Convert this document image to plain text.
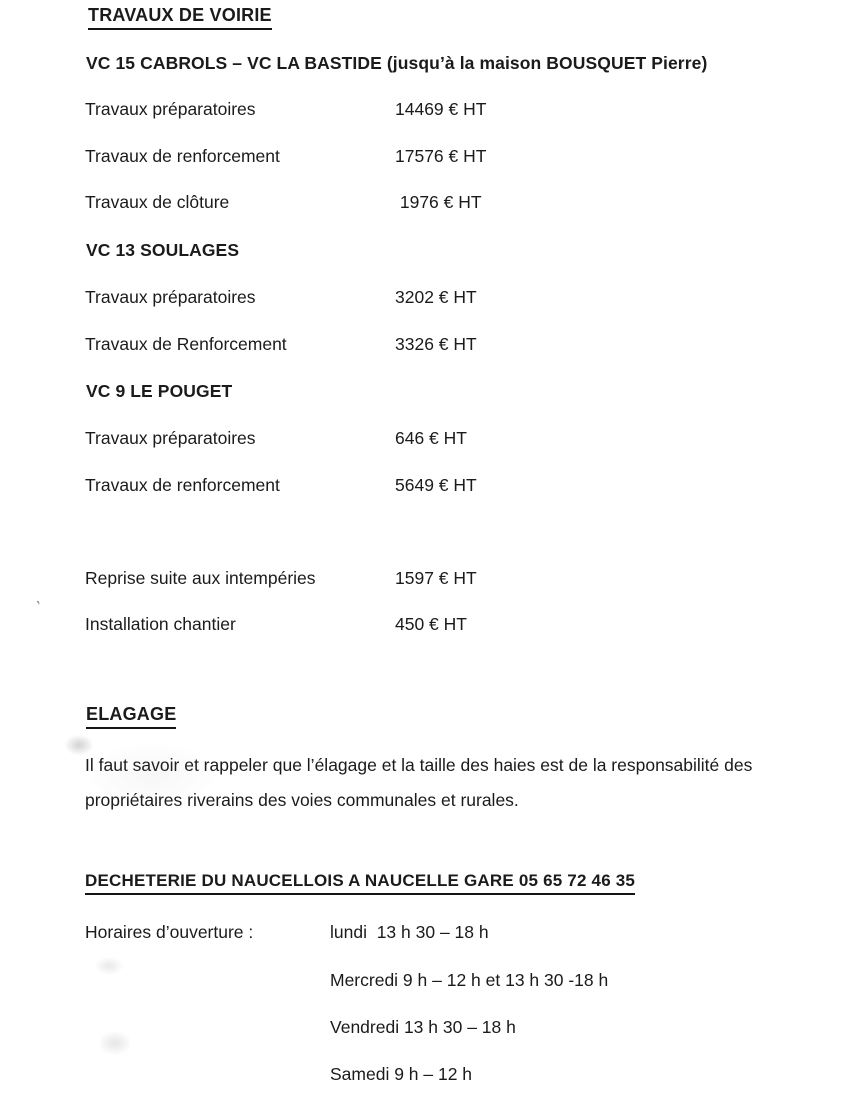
TRAVAUX DE VOIRIE
VC 15 CABROLS – VC LA BASTIDE (jusqu’à la maison BOUSQUET Pierre)
Travaux préparatoires	14469 € HT
Travaux de renforcement	17576 € HT
Travaux de clôture	1976 € HT
VC 13 SOULAGES
Travaux préparatoires	3202 € HT
Travaux de Renforcement	3326 € HT
VC 9 LE POUGET
Travaux préparatoires	646 € HT
Travaux de renforcement	5649 € HT
Reprise suite aux intempéries	1597 € HT
Installation chantier	450 € HT
ELAGAGE
Il faut savoir et rappeler que l’élagage et la taille des haies est de la responsabilité des propriétaires riverains des voies communales et rurales.
DECHETERIE DU NAUCELLOIS A NAUCELLE GARE 05 65 72 46 35
Horaires d’ouverture :	lundi  13 h 30 – 18 h
Mercredi 9 h – 12 h et 13 h 30 -18 h
Vendredi 13 h 30 – 18 h
Samedi 9 h – 12 h
,
